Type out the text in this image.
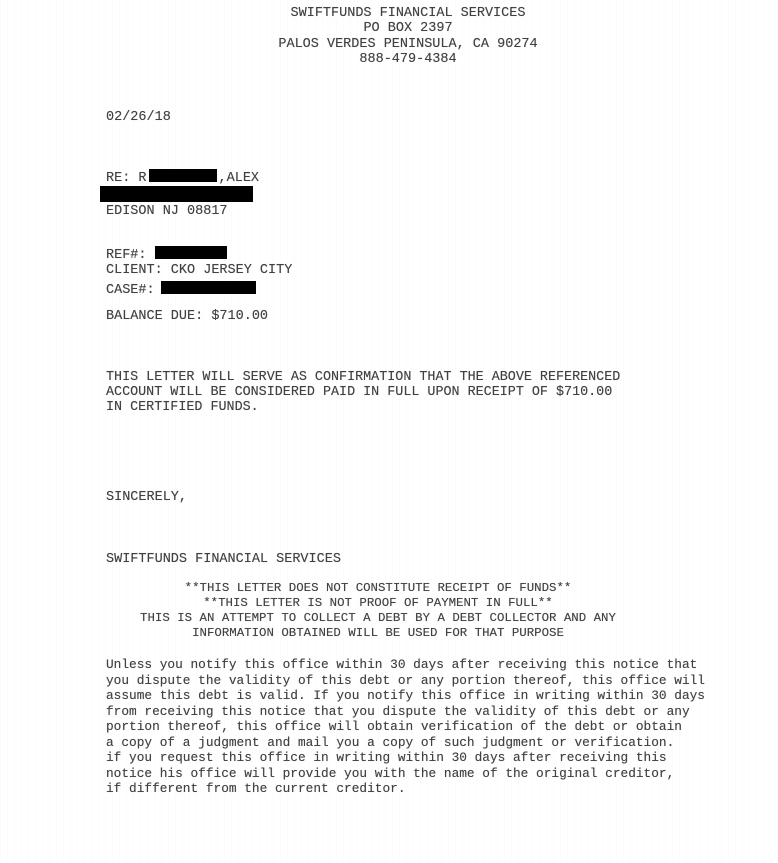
SWIFTFUNDS FINANCIAL SERVICES
PO BOX 2397
PALOS VERDES PENINSULA, CA 90274
888-479-4384
02/26/18
RE: R	,ALEX
EDISON NJ 08817
REF#:
CLIENT: CKO JERSEY CITY
CASE#:
BALANCE DUE: $710.00
THIS LETTER WILL SERVE AS CONFIRMATION THAT THE ABOVE REFERENCED
ACCOUNT WILL BE CONSIDERED PAID IN FULL UPON RECEIPT OF $710.00
IN CERTIFIED FUNDS.
SINCERELY,
SWIFTFUNDS FINANCIAL SERVICES
**THIS LETTER DOES NOT CONSTITUTE RECEIPT OF FUNDS**
**THIS LETTER IS NOT PROOF OF PAYMENT IN FULL**
THIS IS AN ATTEMPT TO COLLECT A DEBT BY A DEBT COLLECTOR AND ANY
INFORMATION OBTAINED WILL BE USED FOR THAT PURPOSE
Unless you notify this office within 30 days after receiving this notice that
you dispute the validity of this debt or any portion thereof, this office will
assume this debt is valid. If you notify this office in writing within 30 days
from receiving this notice that you dispute the validity of this debt or any
portion thereof, this office will obtain verification of the debt or obtain
a copy of a judgment and mail you a copy of such judgment or verification.
if you request this office in writing within 30 days after receiving this
notice his office will provide you with the name of the original creditor,
if different from the current creditor.
